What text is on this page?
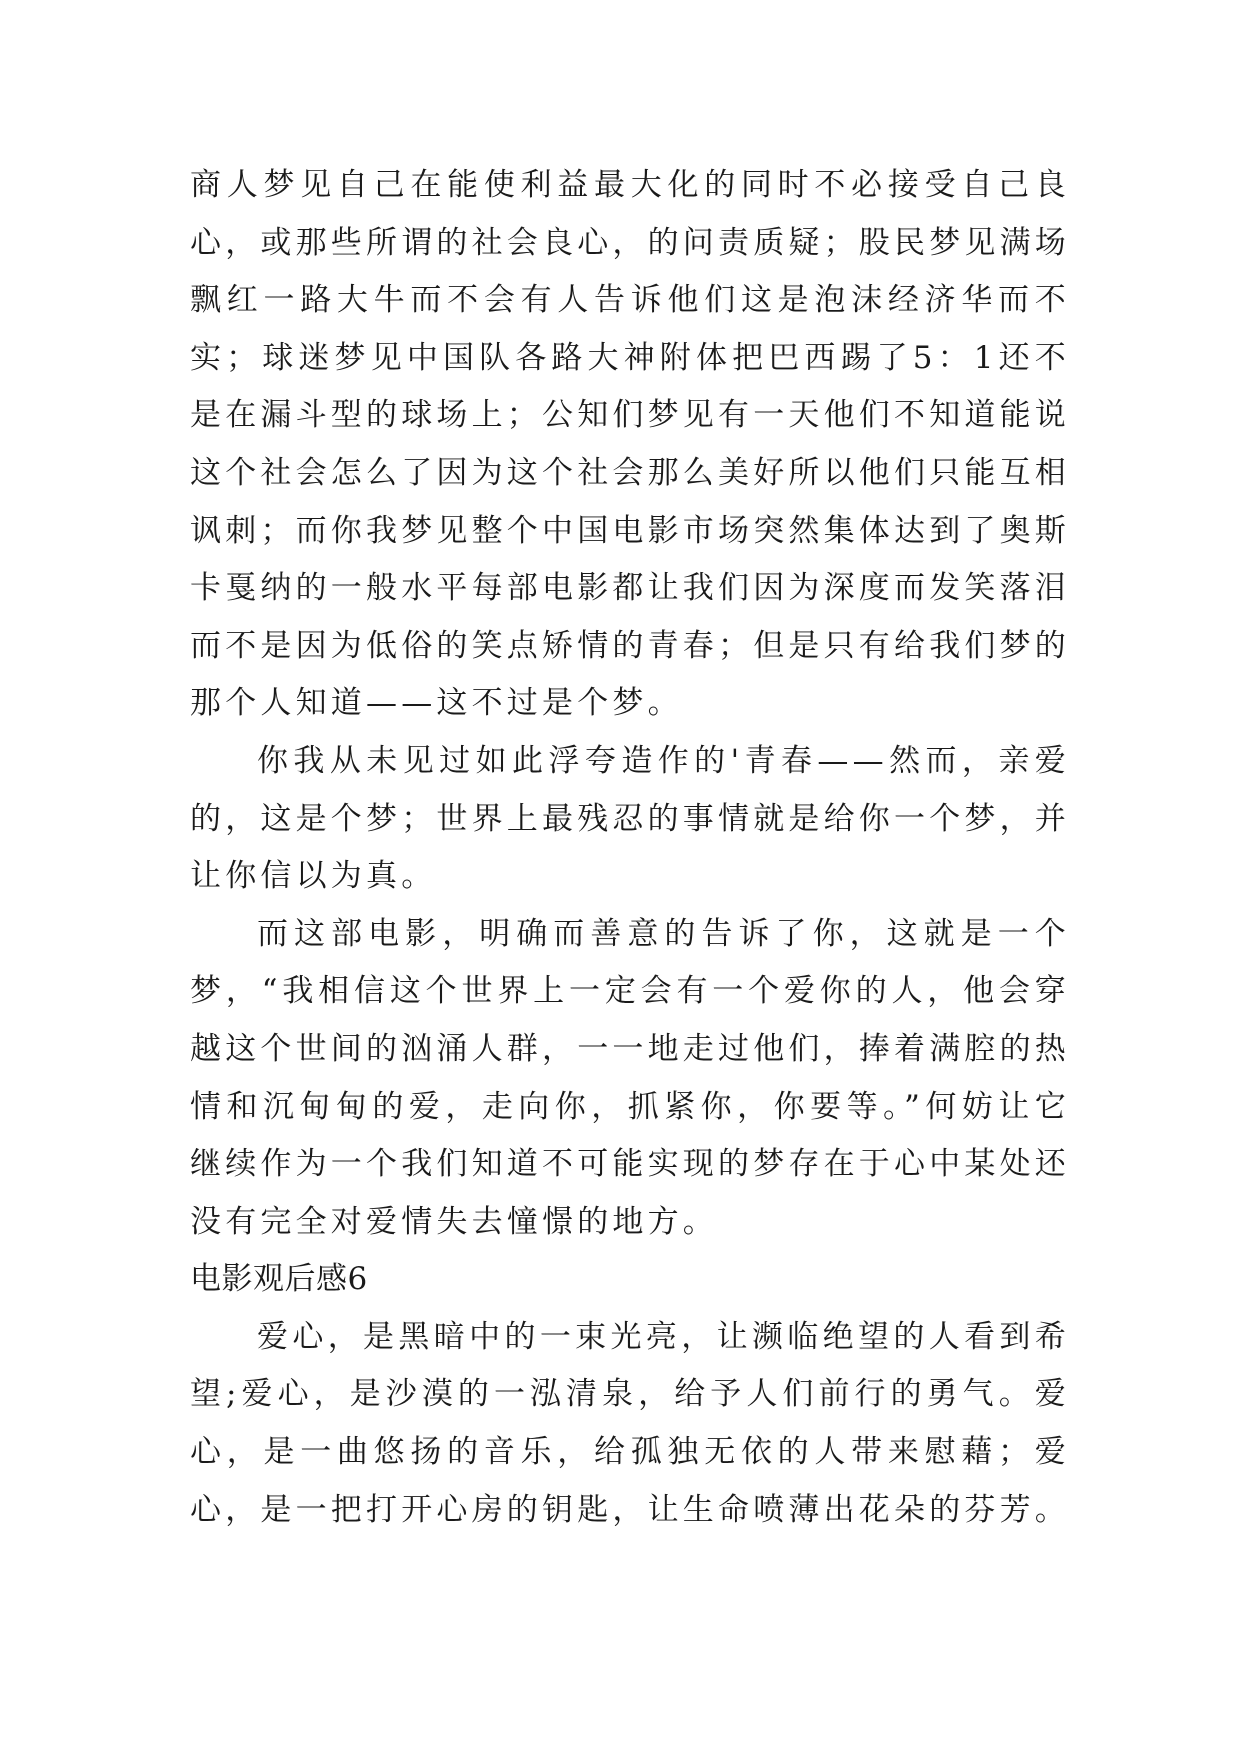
商人梦见自己在能使利益最大化的同时不必接受自己良心，或那些所谓的社会良心，的问责质疑；股民梦见满场飘红一路大牛而不会有人告诉他们这是泡沫经济华而不实；球迷梦见中国队各路大神附体把巴西踢了5：1还不是在漏斗型的球场上；公知们梦见有一天他们不知道能说这个社会怎么了因为这个社会那么美好所以他们只能互相讽刺；而你我梦见整个中国电影市场突然集体达到了奥斯卡戛纳的一般水平每部电影都让我们因为深度而发笑落泪而不是因为低俗的笑点矫情的青春；但是只有给我们梦的那个人知道——这不过是个梦。

你我从未见过如此浮夸造作的'青春——然而，亲爱的，这是个梦；世界上最残忍的事情就是给你一个梦，并让你信以为真。

而这部电影，明确而善意的告诉了你，这就是一个梦，“我相信这个世界上一定会有一个爱你的人，他会穿越这个世间的汹涌人群，一一地走过他们，捧着满腔的热情和沉甸甸的爱，走向你，抓紧你，你要等。”何妨让它继续作为一个我们知道不可能实现的梦存在于心中某处还没有完全对爱情失去憧憬的地方。

电影观后感6

爱心，是黑暗中的一束光亮，让濒临绝望的人看到希望;爱心，是沙漠的一泓清泉，给予人们前行的勇气。爱心，是一曲悠扬的音乐，给孤独无依的人带来慰藉；爱心，是一把打开心房的钥匙，让生命喷薄出花朵的芬芳。
